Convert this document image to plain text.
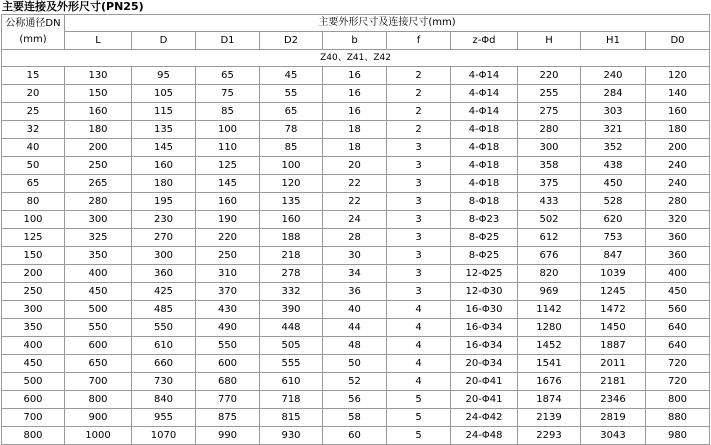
主要连接及外形尺寸(PN25)
公称通径DN
(mm)	主要外形尺寸及连接尺寸(mm)									
	L	D	D1	D2	b	f	z-Φd	H	H1	D0
Z40、Z41、Z42										
15	130	95	65	45	16	2	4-Φ14	220	240	120
20	150	105	75	55	16	2	4-Φ14	255	284	140
25	160	115	85	65	16	2	4-Φ14	275	303	160
32	180	135	100	78	18	2	4-Φ18	280	321	180
40	200	145	110	85	18	3	4-Φ18	300	352	200
50	250	160	125	100	20	3	4-Φ18	358	438	240
65	265	180	145	120	22	3	4-Φ18	375	450	240
80	280	195	160	135	22	3	8-Φ18	433	528	280
100	300	230	190	160	24	3	8-Φ23	502	620	320
125	325	270	220	188	28	3	8-Φ25	612	753	360
150	350	300	250	218	30	3	8-Φ25	676	847	360
200	400	360	310	278	34	3	12-Φ25	820	1039	400
250	450	425	370	332	36	3	12-Φ30	969	1245	450
300	500	485	430	390	40	4	16-Φ30	1142	1472	560
350	550	550	490	448	44	4	16-Φ34	1280	1450	640
400	600	610	550	505	48	4	16-Φ34	1452	1887	640
450	650	660	600	555	50	4	20-Φ34	1541	2011	720
500	700	730	680	610	52	4	20-Φ41	1676	2181	720
600	800	840	770	718	56	5	20-Φ41	1874	2346	800
700	900	955	875	815	58	5	24-Φ42	2139	2819	880
800	1000	1070	990	930	60	5	24-Φ48	2293	3043	980
